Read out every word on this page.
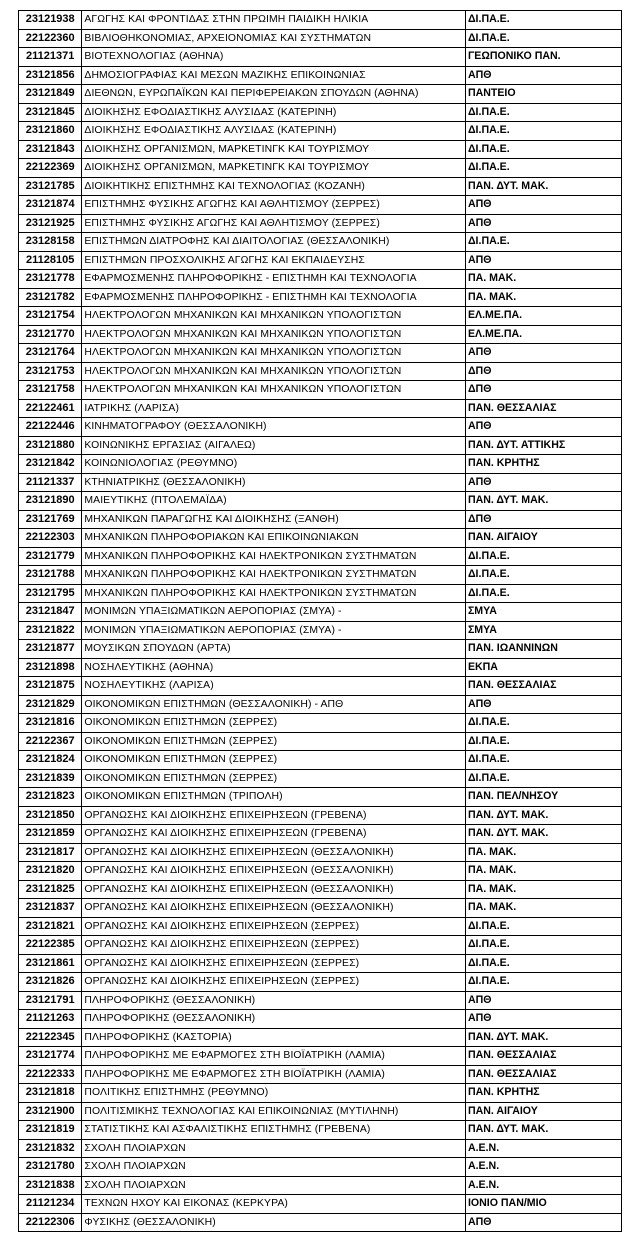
23121938	ΑΓΩΓΗΣ ΚΑΙ ΦΡΟΝΤΙΔΑΣ ΣΤΗΝ ΠΡΩΙΜΗ ΠΑΙΔΙΚΗ ΗΛΙΚΙΑ	ΔΙ.ΠΑ.Ε.
22122360	ΒΙΒΛΙΟΘΗΚΟΝΟΜΙΑΣ, ΑΡΧΕΙΟΝΟΜΙΑΣ ΚΑΙ ΣΥΣΤΗΜΑΤΩΝ	ΔΙ.ΠΑ.Ε.
21121371	ΒΙΟΤΕΧΝΟΛΟΓΙΑΣ (ΑΘΗΝΑ)	ΓΕΩΠΟΝΙΚΟ ΠΑΝ.
23121856	ΔΗΜΟΣΙΟΓΡΑΦΙΑΣ ΚΑΙ ΜΕΣΩΝ ΜΑΖΙΚΗΣ ΕΠΙΚΟΙΝΩΝΙΑΣ	ΑΠΘ
23121849	ΔΙΕΘΝΩΝ, ΕΥΡΩΠΑΪΚΩΝ ΚΑΙ ΠΕΡΙΦΕΡΕΙΑΚΩΝ ΣΠΟΥΔΩΝ (ΑΘΗΝΑ)	ΠΑΝΤΕΙΟ
23121845	ΔΙΟΙΚΗΣΗΣ ΕΦΟΔΙΑΣΤΙΚΗΣ ΑΛΥΣΙΔΑΣ (ΚΑΤΕΡΙΝΗ)	ΔΙ.ΠΑ.Ε.
23121860	ΔΙΟΙΚΗΣΗΣ ΕΦΟΔΙΑΣΤΙΚΗΣ ΑΛΥΣΙΔΑΣ (ΚΑΤΕΡΙΝΗ)	ΔΙ.ΠΑ.Ε.
23121843	ΔΙΟΙΚΗΣΗΣ ΟΡΓΑΝΙΣΜΩΝ, ΜΑΡΚΕΤΙΝΓΚ ΚΑΙ ΤΟΥΡΙΣΜΟΥ	ΔΙ.ΠΑ.Ε.
22122369	ΔΙΟΙΚΗΣΗΣ ΟΡΓΑΝΙΣΜΩΝ, ΜΑΡΚΕΤΙΝΓΚ ΚΑΙ ΤΟΥΡΙΣΜΟΥ	ΔΙ.ΠΑ.Ε.
23121785	ΔΙΟΙΚΗΤΙΚΗΣ ΕΠΙΣΤΗΜΗΣ ΚΑΙ ΤΕΧΝΟΛΟΓΙΑΣ (ΚΟΖΑΝΗ)	ΠΑΝ. ΔΥΤ. ΜΑΚ.
23121874	ΕΠΙΣΤΗΜΗΣ ΦΥΣΙΚΗΣ ΑΓΩΓΗΣ ΚΑΙ ΑΘΛΗΤΙΣΜΟΥ (ΣΕΡΡΕΣ)	ΑΠΘ
23121925	ΕΠΙΣΤΗΜΗΣ ΦΥΣΙΚΗΣ ΑΓΩΓΗΣ ΚΑΙ ΑΘΛΗΤΙΣΜΟΥ (ΣΕΡΡΕΣ)	ΑΠΘ
23128158	ΕΠΙΣΤΗΜΩΝ ΔΙΑΤΡΟΦΗΣ ΚΑΙ ΔΙΑΙΤΟΛΟΓΙΑΣ (ΘΕΣΣΑΛΟΝΙΚΗ)	ΔΙ.ΠΑ.Ε.
21128105	ΕΠΙΣΤΗΜΩΝ ΠΡΟΣΧΟΛΙΚΗΣ ΑΓΩΓΗΣ ΚΑΙ ΕΚΠΑΙΔΕΥΣΗΣ	ΑΠΘ
23121778	ΕΦΑΡΜΟΣΜΕΝΗΣ ΠΛΗΡΟΦΟΡΙΚΗΣ - ΕΠΙΣΤΗΜΗ ΚΑΙ ΤΕΧΝΟΛΟΓΙΑ	ΠΑ. ΜΑΚ.
23121782	ΕΦΑΡΜΟΣΜΕΝΗΣ ΠΛΗΡΟΦΟΡΙΚΗΣ - ΕΠΙΣΤΗΜΗ ΚΑΙ ΤΕΧΝΟΛΟΓΙΑ	ΠΑ. ΜΑΚ.
23121754	ΗΛΕΚΤΡΟΛΟΓΩΝ ΜΗΧΑΝΙΚΩΝ ΚΑΙ ΜΗΧΑΝΙΚΩΝ ΥΠΟΛΟΓΙΣΤΩΝ	ΕΛ.ΜΕ.ΠΑ.
23121770	ΗΛΕΚΤΡΟΛΟΓΩΝ ΜΗΧΑΝΙΚΩΝ ΚΑΙ ΜΗΧΑΝΙΚΩΝ ΥΠΟΛΟΓΙΣΤΩΝ	ΕΛ.ΜΕ.ΠΑ.
23121764	ΗΛΕΚΤΡΟΛΟΓΩΝ ΜΗΧΑΝΙΚΩΝ ΚΑΙ ΜΗΧΑΝΙΚΩΝ ΥΠΟΛΟΓΙΣΤΩΝ	ΑΠΘ
23121753	ΗΛΕΚΤΡΟΛΟΓΩΝ ΜΗΧΑΝΙΚΩΝ ΚΑΙ ΜΗΧΑΝΙΚΩΝ ΥΠΟΛΟΓΙΣΤΩΝ	ΔΠΘ
23121758	ΗΛΕΚΤΡΟΛΟΓΩΝ ΜΗΧΑΝΙΚΩΝ ΚΑΙ ΜΗΧΑΝΙΚΩΝ ΥΠΟΛΟΓΙΣΤΩΝ	ΔΠΘ
22122461	ΙΑΤΡΙΚΗΣ (ΛΑΡΙΣΑ)	ΠΑΝ. ΘΕΣΣΑΛΙΑΣ
22122446	ΚΙΝΗΜΑΤΟΓΡΑΦΟΥ (ΘΕΣΣΑΛΟΝΙΚΗ)	ΑΠΘ
23121880	ΚΟΙΝΩΝΙΚΗΣ ΕΡΓΑΣΙΑΣ (ΑΙΓΑΛΕΩ)	ΠΑΝ. ΔΥΤ. ΑΤΤΙΚΗΣ
23121842	ΚΟΙΝΩΝΙΟΛΟΓΙΑΣ (ΡΕΘΥΜΝΟ)	ΠΑΝ. ΚΡΗΤΗΣ
21121337	ΚΤΗΝΙΑΤΡΙΚΗΣ (ΘΕΣΣΑΛΟΝΙΚΗ)	ΑΠΘ
23121890	ΜΑΙΕΥΤΙΚΗΣ (ΠΤΟΛΕΜΑΪΔΑ)	ΠΑΝ. ΔΥΤ. ΜΑΚ.
23121769	ΜΗΧΑΝΙΚΩΝ ΠΑΡΑΓΩΓΗΣ ΚΑΙ ΔΙΟΙΚΗΣΗΣ (ΞΑΝΘΗ)	ΔΠΘ
22122303	ΜΗΧΑΝΙΚΩΝ ΠΛΗΡΟΦΟΡΙΑΚΩΝ ΚΑΙ ΕΠΙΚΟΙΝΩΝΙΑΚΩΝ	ΠΑΝ. ΑΙΓΑΙΟΥ
23121779	ΜΗΧΑΝΙΚΩΝ ΠΛΗΡΟΦΟΡΙΚΗΣ ΚΑΙ ΗΛΕΚΤΡΟΝΙΚΩΝ ΣΥΣΤΗΜΑΤΩΝ	ΔΙ.ΠΑ.Ε.
23121788	ΜΗΧΑΝΙΚΩΝ ΠΛΗΡΟΦΟΡΙΚΗΣ ΚΑΙ ΗΛΕΚΤΡΟΝΙΚΩΝ ΣΥΣΤΗΜΑΤΩΝ	ΔΙ.ΠΑ.Ε.
23121795	ΜΗΧΑΝΙΚΩΝ ΠΛΗΡΟΦΟΡΙΚΗΣ ΚΑΙ ΗΛΕΚΤΡΟΝΙΚΩΝ ΣΥΣΤΗΜΑΤΩΝ	ΔΙ.ΠΑ.Ε.
23121847	ΜΟΝΙΜΩΝ ΥΠΑΞΙΩΜΑΤΙΚΩΝ ΑΕΡΟΠΟΡΙΑΣ (ΣΜΥΑ) -	ΣΜΥΑ
23121822	ΜΟΝΙΜΩΝ ΥΠΑΞΙΩΜΑΤΙΚΩΝ ΑΕΡΟΠΟΡΙΑΣ (ΣΜΥΑ) -	ΣΜΥΑ
23121877	ΜΟΥΣΙΚΩΝ ΣΠΟΥΔΩΝ (ΑΡΤΑ)	ΠΑΝ. ΙΩΑΝΝΙΝΩΝ
23121898	ΝΟΣΗΛΕΥΤΙΚΗΣ (ΑΘΗΝΑ)	ΕΚΠΑ
23121875	ΝΟΣΗΛΕΥΤΙΚΗΣ (ΛΑΡΙΣΑ)	ΠΑΝ. ΘΕΣΣΑΛΙΑΣ
23121829	ΟΙΚΟΝΟΜΙΚΩΝ ΕΠΙΣΤΗΜΩΝ (ΘΕΣΣΑΛΟΝΙΚΗ) - ΑΠΘ	ΑΠΘ
23121816	ΟΙΚΟΝΟΜΙΚΩΝ ΕΠΙΣΤΗΜΩΝ (ΣΕΡΡΕΣ)	ΔΙ.ΠΑ.Ε.
22122367	ΟΙΚΟΝΟΜΙΚΩΝ ΕΠΙΣΤΗΜΩΝ (ΣΕΡΡΕΣ)	ΔΙ.ΠΑ.Ε.
23121824	ΟΙΚΟΝΟΜΙΚΩΝ ΕΠΙΣΤΗΜΩΝ (ΣΕΡΡΕΣ)	ΔΙ.ΠΑ.Ε.
23121839	ΟΙΚΟΝΟΜΙΚΩΝ ΕΠΙΣΤΗΜΩΝ (ΣΕΡΡΕΣ)	ΔΙ.ΠΑ.Ε.
23121823	ΟΙΚΟΝΟΜΙΚΩΝ ΕΠΙΣΤΗΜΩΝ (ΤΡΙΠΟΛΗ)	ΠΑΝ. ΠΕΛ/ΝΗΣΟΥ
23121850	ΟΡΓΑΝΩΣΗΣ ΚΑΙ ΔΙΟΙΚΗΣΗΣ ΕΠΙΧΕΙΡΗΣΕΩΝ (ΓΡΕΒΕΝΑ)	ΠΑΝ. ΔΥΤ. ΜΑΚ.
23121859	ΟΡΓΑΝΩΣΗΣ ΚΑΙ ΔΙΟΙΚΗΣΗΣ ΕΠΙΧΕΙΡΗΣΕΩΝ (ΓΡΕΒΕΝΑ)	ΠΑΝ. ΔΥΤ. ΜΑΚ.
23121817	ΟΡΓΑΝΩΣΗΣ ΚΑΙ ΔΙΟΙΚΗΣΗΣ ΕΠΙΧΕΙΡΗΣΕΩΝ (ΘΕΣΣΑΛΟΝΙΚΗ)	ΠΑ. ΜΑΚ.
23121820	ΟΡΓΑΝΩΣΗΣ ΚΑΙ ΔΙΟΙΚΗΣΗΣ ΕΠΙΧΕΙΡΗΣΕΩΝ (ΘΕΣΣΑΛΟΝΙΚΗ)	ΠΑ. ΜΑΚ.
23121825	ΟΡΓΑΝΩΣΗΣ ΚΑΙ ΔΙΟΙΚΗΣΗΣ ΕΠΙΧΕΙΡΗΣΕΩΝ (ΘΕΣΣΑΛΟΝΙΚΗ)	ΠΑ. ΜΑΚ.
23121837	ΟΡΓΑΝΩΣΗΣ ΚΑΙ ΔΙΟΙΚΗΣΗΣ ΕΠΙΧΕΙΡΗΣΕΩΝ (ΘΕΣΣΑΛΟΝΙΚΗ)	ΠΑ. ΜΑΚ.
23121821	ΟΡΓΑΝΩΣΗΣ ΚΑΙ ΔΙΟΙΚΗΣΗΣ ΕΠΙΧΕΙΡΗΣΕΩΝ (ΣΕΡΡΕΣ)	ΔΙ.ΠΑ.Ε.
22122385	ΟΡΓΑΝΩΣΗΣ ΚΑΙ ΔΙΟΙΚΗΣΗΣ ΕΠΙΧΕΙΡΗΣΕΩΝ (ΣΕΡΡΕΣ)	ΔΙ.ΠΑ.Ε.
23121861	ΟΡΓΑΝΩΣΗΣ ΚΑΙ ΔΙΟΙΚΗΣΗΣ ΕΠΙΧΕΙΡΗΣΕΩΝ (ΣΕΡΡΕΣ)	ΔΙ.ΠΑ.Ε.
23121826	ΟΡΓΑΝΩΣΗΣ ΚΑΙ ΔΙΟΙΚΗΣΗΣ ΕΠΙΧΕΙΡΗΣΕΩΝ (ΣΕΡΡΕΣ)	ΔΙ.ΠΑ.Ε.
23121791	ΠΛΗΡΟΦΟΡΙΚΗΣ (ΘΕΣΣΑΛΟΝΙΚΗ)	ΑΠΘ
21121263	ΠΛΗΡΟΦΟΡΙΚΗΣ (ΘΕΣΣΑΛΟΝΙΚΗ)	ΑΠΘ
22122345	ΠΛΗΡΟΦΟΡΙΚΗΣ (ΚΑΣΤΟΡΙΑ)	ΠΑΝ. ΔΥΤ. ΜΑΚ.
23121774	ΠΛΗΡΟΦΟΡΙΚΗΣ ΜΕ ΕΦΑΡΜΟΓΕΣ ΣΤΗ ΒΙΟΪΑΤΡΙΚΗ (ΛΑΜΙΑ)	ΠΑΝ. ΘΕΣΣΑΛΙΑΣ
22122333	ΠΛΗΡΟΦΟΡΙΚΗΣ ΜΕ ΕΦΑΡΜΟΓΕΣ ΣΤΗ ΒΙΟΪΑΤΡΙΚΗ (ΛΑΜΙΑ)	ΠΑΝ. ΘΕΣΣΑΛΙΑΣ
23121818	ΠΟΛΙΤΙΚΗΣ ΕΠΙΣΤΗΜΗΣ (ΡΕΘΥΜΝΟ)	ΠΑΝ. ΚΡΗΤΗΣ
23121900	ΠΟΛΙΤΙΣΜΙΚΗΣ ΤΕΧΝΟΛΟΓΙΑΣ ΚΑΙ ΕΠΙΚΟΙΝΩΝΙΑΣ (ΜΥΤΙΛΗΝΗ)	ΠΑΝ. ΑΙΓΑΙΟΥ
23121819	ΣΤΑΤΙΣΤΙΚΗΣ ΚΑΙ ΑΣΦΑΛΙΣΤΙΚΗΣ ΕΠΙΣΤΗΜΗΣ (ΓΡΕΒΕΝΑ)	ΠΑΝ. ΔΥΤ. ΜΑΚ.
23121832	ΣΧΟΛΗ ΠΛΟΙΑΡΧΩΝ	Α.Ε.Ν.
23121780	ΣΧΟΛΗ ΠΛΟΙΑΡΧΩΝ	Α.Ε.Ν.
23121838	ΣΧΟΛΗ ΠΛΟΙΑΡΧΩΝ	Α.Ε.Ν.
21121234	ΤΕΧΝΩΝ ΗΧΟΥ ΚΑΙ ΕΙΚΟΝΑΣ (ΚΕΡΚΥΡΑ)	ΙΟΝΙΟ ΠΑΝ/ΜΙΟ
22122306	ΦΥΣΙΚΗΣ (ΘΕΣΣΑΛΟΝΙΚΗ)	ΑΠΘ
